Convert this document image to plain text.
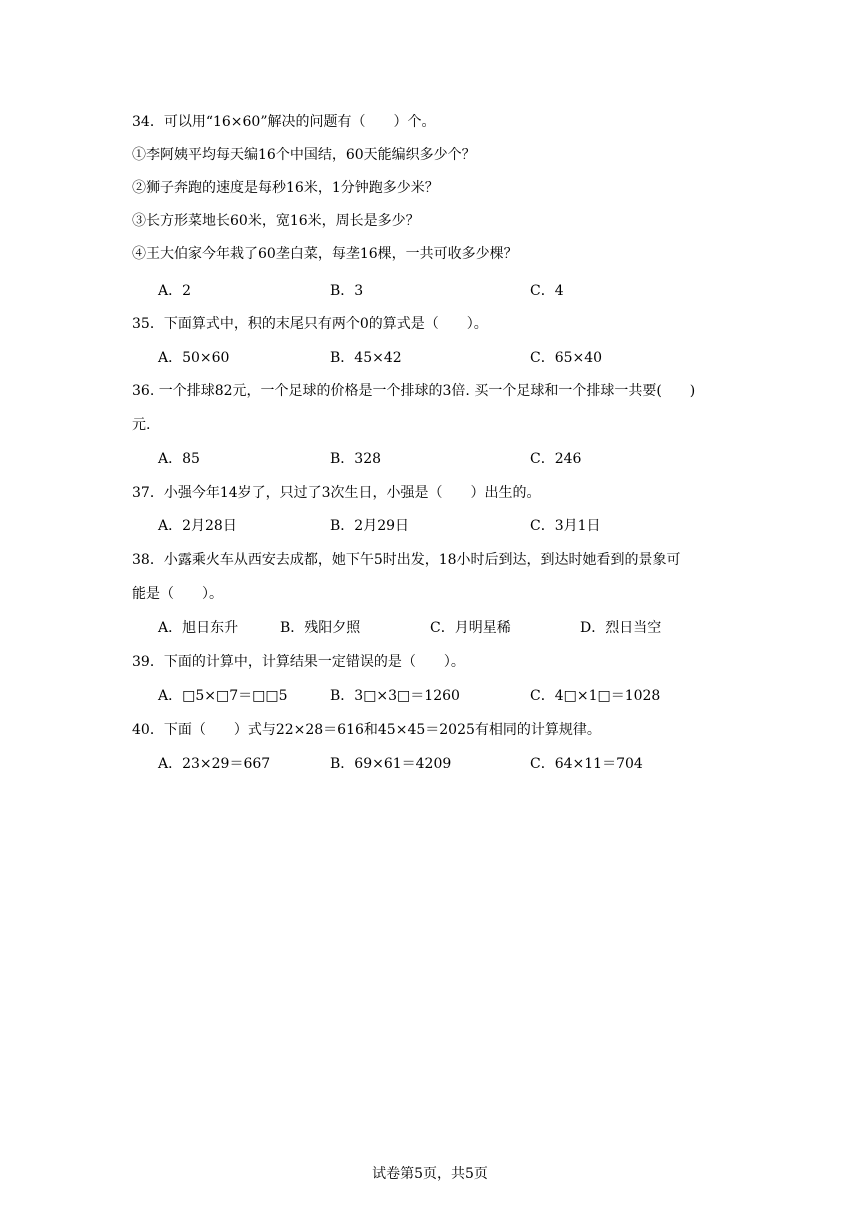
34．可以用“16×60”解决的问题有（　　）个。
①李阿姨平均每天编16个中国结，60天能编织多少个？
②狮子奔跑的速度是每秒16米，1分钟跑多少米？
③长方形菜地长60米，宽16米，周长是多少？
④王大伯家今年栽了60垄白菜，每垄16棵，一共可收多少棵？
A．2	B．3	C．4
35．下面算式中，积的末尾只有两个0的算式是（　　）。
A．50×60	B．45×42	C．65×40
36. 一个排球82元，一个足球的价格是一个排球的3倍. 买一个足球和一个排球一共要(　　)
元.
A．85	B．328	C．246
37．小强今年14岁了，只过了3次生日，小强是（　　）出生的。
A．2月28日	B．2月29日	C．3月1日
38．小露乘火车从西安去成都，她下午5时出发，18小时后到达，到达时她看到的景象可
能是（　　）。
A．旭日东升	B．残阳夕照	C．月明星稀	D．烈日当空
39．下面的计算中，计算结果一定错误的是（　　）。
A．□5×□7＝□□5	B．3□×3□＝1260	C．4□×1□＝1028
40．下面（　　）式与22×28＝616和45×45＝2025有相同的计算规律。
A．23×29＝667	B．69×61＝4209	C．64×11＝704
试卷第5页，共5页
